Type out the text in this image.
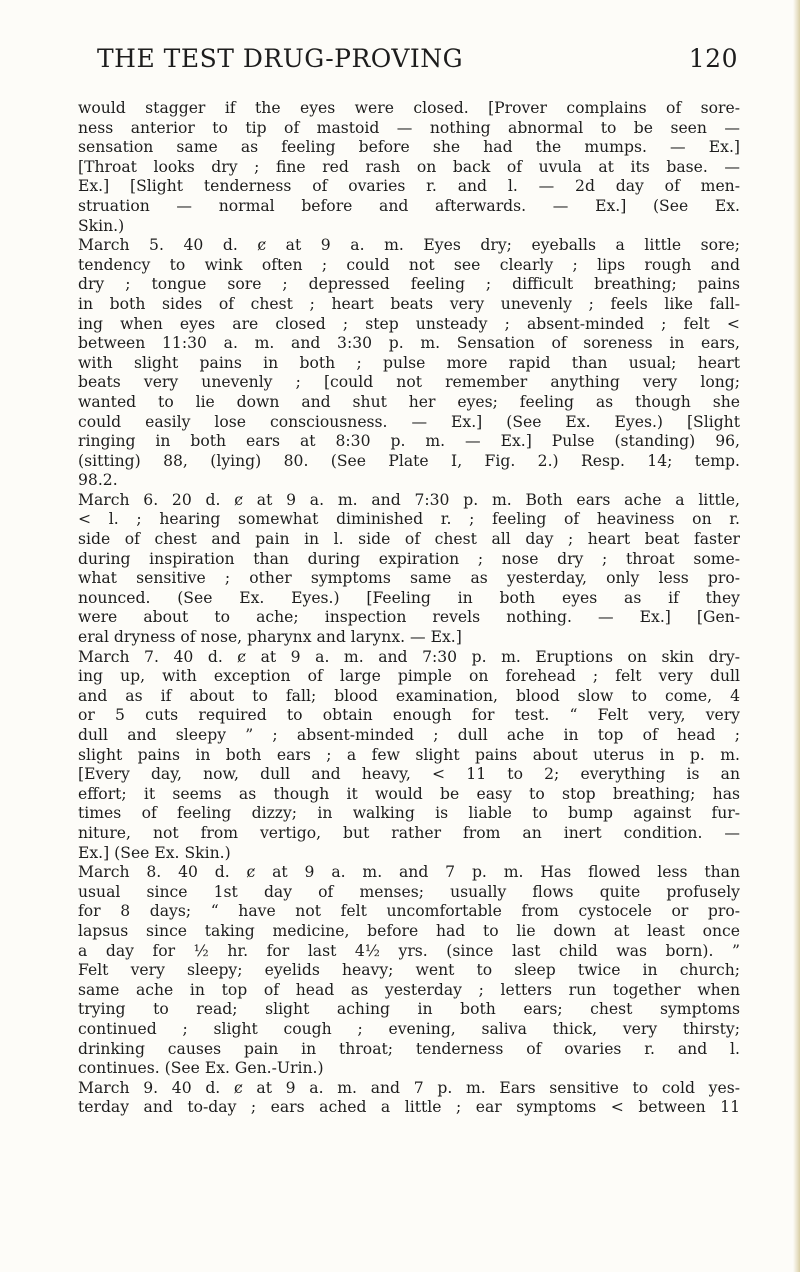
THE TEST DRUG-PROVING	120
would stagger if the eyes were closed. [Prover complains of sore-
ness anterior to tip of mastoid — nothing abnormal to be seen —
sensation same as feeling before she had the mumps. — Ex.]
[Throat looks dry ; fine red rash on back of uvula at its base. —
Ex.] [Slight tenderness of ovaries r. and l. — 2d day of men-
struation — normal before and afterwards. — Ex.] (See Ex.
Skin.)
March 5. 40 d. ȼ at 9 a. m. Eyes dry; eyeballs a little sore;
tendency to wink often ; could not see clearly ; lips rough and
dry ; tongue sore ; depressed feeling ; difficult breathing; pains
in both sides of chest ; heart beats very unevenly ; feels like fall-
ing when eyes are closed ; step unsteady ; absent-minded ; felt <
between 11:30 a. m. and 3:30 p. m. Sensation of soreness in ears,
with slight pains in both ; pulse more rapid than usual; heart
beats very unevenly ; [could not remember anything very long;
wanted to lie down and shut her eyes; feeling as though she
could easily lose consciousness. — Ex.] (See Ex. Eyes.) [Slight
ringing in both ears at 8:30 p. m. — Ex.] Pulse (standing) 96,
(sitting) 88, (lying) 80. (See Plate I, Fig. 2.) Resp. 14; temp.
98.2.
March 6. 20 d. ȼ at 9 a. m. and 7:30 p. m. Both ears ache a little,
< l. ; hearing somewhat diminished r. ; feeling of heaviness on r.
side of chest and pain in l. side of chest all day ; heart beat faster
during inspiration than during expiration ; nose dry ; throat some-
what sensitive ; other symptoms same as yesterday, only less pro-
nounced. (See Ex. Eyes.) [Feeling in both eyes as if they
were about to ache; inspection revels nothing. — Ex.] [Gen-
eral dryness of nose, pharynx and larynx. — Ex.]
March 7. 40 d. ȼ at 9 a. m. and 7:30 p. m. Eruptions on skin dry-
ing up, with exception of large pimple on forehead ; felt very dull
and as if about to fall; blood examination, blood slow to come, 4
or 5 cuts required to obtain enough for test. “ Felt very, very
dull and sleepy ” ; absent-minded ; dull ache in top of head ;
slight pains in both ears ; a few slight pains about uterus in p. m.
[Every day, now, dull and heavy, < 11 to 2; everything is an
effort; it seems as though it would be easy to stop breathing; has
times of feeling dizzy; in walking is liable to bump against fur-
niture, not from vertigo, but rather from an inert condition. —
Ex.] (See Ex. Skin.)
March 8. 40 d. ȼ at 9 a. m. and 7 p. m. Has flowed less than
usual since 1st day of menses; usually flows quite profusely
for 8 days; “ have not felt uncomfortable from cystocele or pro-
lapsus since taking medicine, before had to lie down at least once
a day for ½ hr. for last 4½ yrs. (since last child was born). ”
Felt very sleepy; eyelids heavy; went to sleep twice in church;
same ache in top of head as yesterday ; letters run together when
trying to read; slight aching in both ears; chest symptoms
continued ; slight cough ; evening, saliva thick, very thirsty;
drinking causes pain in throat; tenderness of ovaries r. and l.
continues. (See Ex. Gen.-Urin.)
March 9. 40 d. ȼ at 9 a. m. and 7 p. m. Ears sensitive to cold yes-
terday and to-day ; ears ached a little ; ear symptoms < between 11
